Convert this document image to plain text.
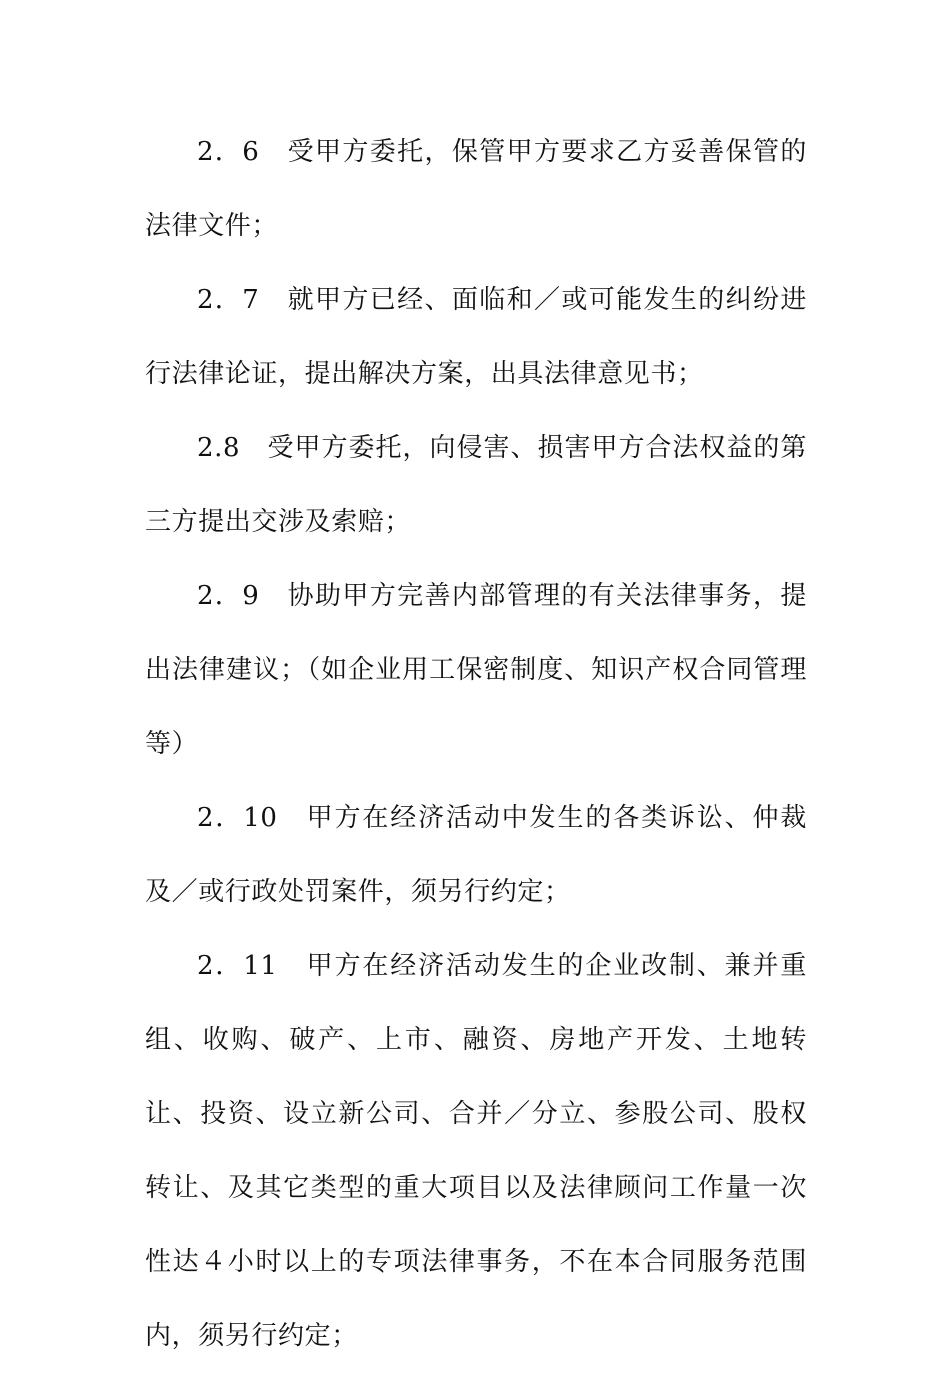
2．6　受甲方委托，保管甲方要求乙方妥善保管的法律文件；

2．7　就甲方已经、面临和／或可能发生的纠纷进行法律论证，提出解决方案，出具法律意见书；

2.8　受甲方委托，向侵害、损害甲方合法权益的第三方提出交涉及索赔；

2．9　协助甲方完善内部管理的有关法律事务，提出法律建议；（如企业用工保密制度、知识产权合同管理等）

2．10　甲方在经济活动中发生的各类诉讼、仲裁及／或行政处罚案件，须另行约定；

2．11　甲方在经济活动发生的企业改制、兼并重组、收购、破产、上市、融资、房地产开发、土地转让、投资、设立新公司、合并／分立、参股公司、股权转让、及其它类型的重大项目以及法律顾问工作量一次性达４小时以上的专项法律事务，不在本合同服务范围内，须另行约定；
